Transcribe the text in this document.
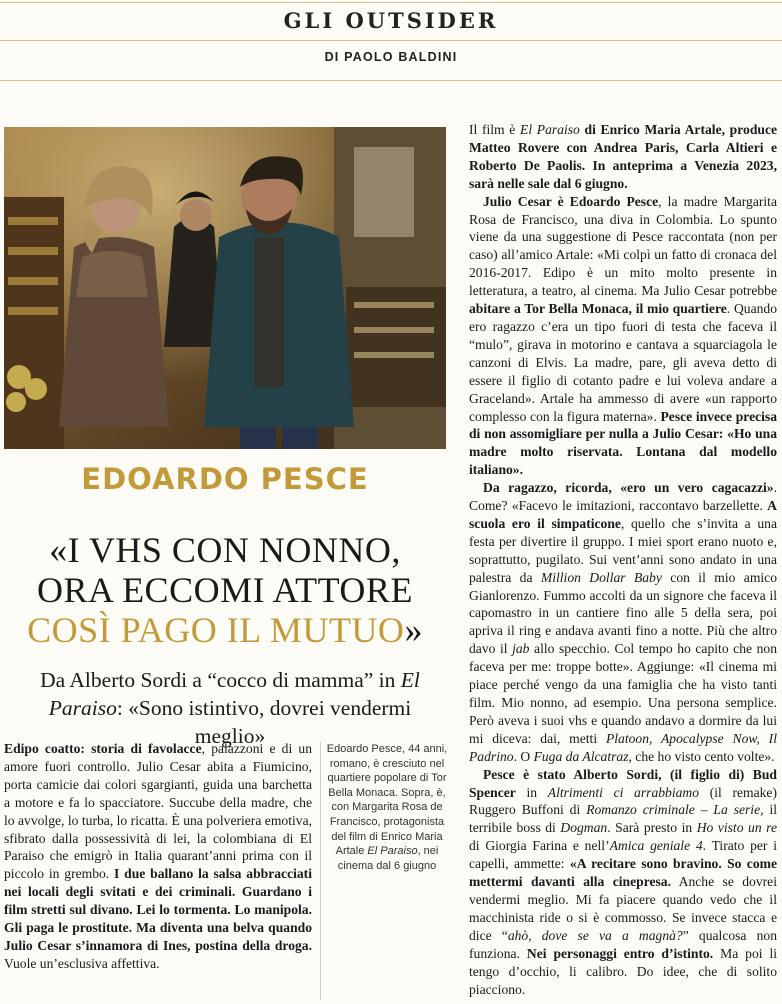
GLI OUTSIDER
DI PAOLO BALDINI
EDOARDO PESCE
«I VHS CON NONNO,
ORA ECCOMI ATTORE
COSÌ PAGO IL MUTUO»
Da Alberto Sordi a “cocco di mamma” in El Paraiso: «Sono istintivo, dovrei vendermi meglio»

Edipo coatto: storia di favolacce, palazzoni e di un amore fuori controllo. Julio Cesar abita a Fiumicino, porta camicie dai colori sgargianti, guida una barchetta a motore e fa lo spacciatore. Succube della madre, che lo avvolge, lo turba, lo ricatta. È una polveriera emotiva, sfibrato dalla possessività di lei, la colombiana di El Paraiso che emigrò in Italia quarant’anni prima con il piccolo in grembo. I due ballano la salsa abbracciati nei locali degli svitati e dei criminali. Guardano i film stretti sul divano. Lei lo tormenta. Lo manipola. Gli paga le prostitute. Ma diventa una belva quando Julio Cesar s’innamora di Ines, postina della droga. Vuole un’esclusiva affettiva.

Edoardo Pesce, 44 anni, romano, è cresciuto nel quartiere popolare di Tor Bella Monaca. Sopra, è, con Margarita Rosa de Francisco, protagonista del film di Enrico Maria Artale El Paraiso, nei cinema dal 6 giugno

Il film è El Paraiso di Enrico Maria Artale, produce Matteo Rovere con Andrea Paris, Carla Altieri e Roberto De Paolis. In anteprima a Venezia 2023, sarà nelle sale dal 6 giugno.

Julio Cesar è Edoardo Pesce, la madre Margarita Rosa de Francisco, una diva in Colombia. Lo spunto viene da una suggestione di Pesce raccontata (non per caso) all’amico Artale: «Mi colpì un fatto di cronaca del 2016-2017. Edipo è un mito molto presente in letteratura, a teatro, al cinema. Ma Julio Cesar potrebbe abitare a Tor Bella Monaca, il mio quartiere. Quando ero ragazzo c’era un tipo fuori di testa che faceva il “mulo”, girava in motorino e cantava a squarciagola le canzoni di Elvis. La madre, pare, gli aveva detto di essere il figlio di cotanto padre e lui voleva andare a Graceland». Artale ha ammesso di avere «un rapporto complesso con la figura materna». Pesce invece precisa di non assomigliare per nulla a Julio Cesar: «Ho una madre molto riservata. Lontana dal modello italiano».

Da ragazzo, ricorda, «ero un vero cagacazzi». Come? «Facevo le imitazioni, raccontavo barzellette. A scuola ero il simpaticone, quello che s’invita a una festa per divertire il gruppo. I miei sport erano nuoto e, soprattutto, pugilato. Sui vent’anni sono andato in una palestra da Million Dollar Baby con il mio amico Gianlorenzo. Fummo accolti da un signore che faceva il capomastro in un cantiere fino alle 5 della sera, poi apriva il ring e andava avanti fino a notte. Più che altro davo il jab allo specchio. Col tempo ho capito che non faceva per me: troppe botte». Aggiunge: «Il cinema mi piace perché vengo da una famiglia che ha visto tanti film. Mio nonno, ad esempio. Una persona semplice. Però aveva i suoi vhs e quando andavo a dormire da lui mi diceva: dai, metti Platoon, Apocalypse Now, Il Padrino. O Fuga da Alcatraz, che ho visto cento volte».

Pesce è stato Alberto Sordi, (il figlio di) Bud Spencer in Altrimenti ci arrabbiamo (il remake) Ruggero Buffoni di Romanzo criminale – La serie, il terribile boss di Dogman. Sarà presto in Ho visto un re di Giorgia Farina e nell’Amica geniale 4. Tirato per i capelli, ammette: «A recitare sono bravino. So come mettermi davanti alla cinepresa. Anche se dovrei vendermi meglio. Mi fa piacere quando vedo che il macchinista ride o si è commosso. Se invece stacca e dice “ahò, dove se va a magnà?” qualcosa non funziona. Nei personaggi entro d’istinto. Ma poi li tengo d’occhio, li calibro. Do idee, che di solito piacciono.
